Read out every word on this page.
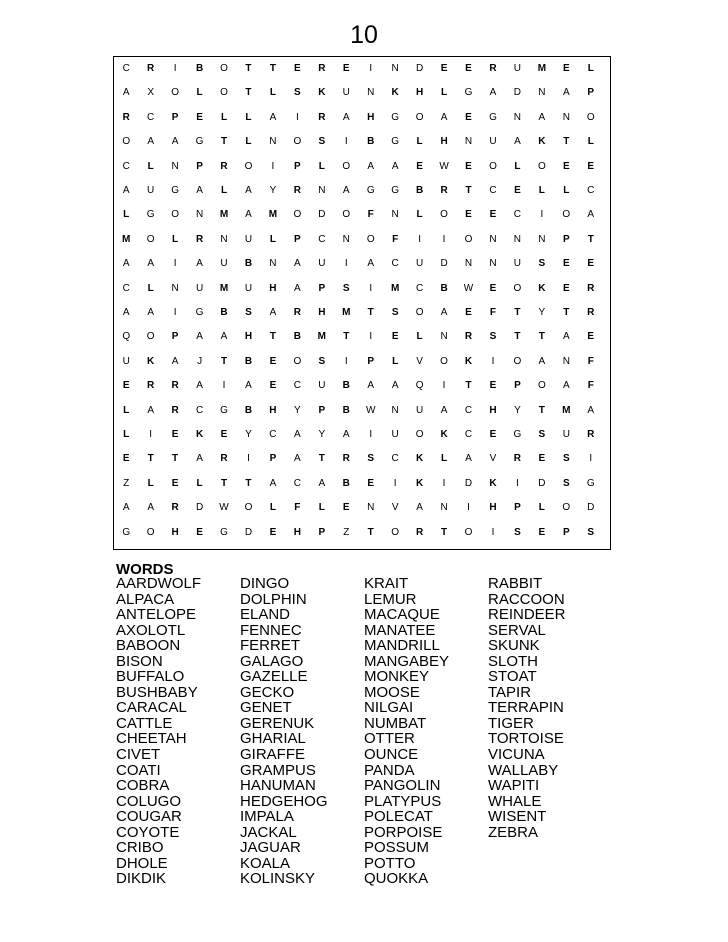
10
C	R	I	B	O	T	T	E	R	E	I	N	D	E	E	R	U	M	E	L
A	X	O	L	O	T	L	S	K	U	N	K	H	L	G	A	D	N	A	P
R	C	P	E	L	L	A	I	R	A	H	G	O	A	E	G	N	A	N	O
O	A	A	G	T	L	N	O	S	I	B	G	L	H	N	U	A	K	T	L
C	L	N	P	R	O	I	P	L	O	A	A	E	W	E	O	L	O	E	E
A	U	G	A	L	A	Y	R	N	A	G	G	B	R	T	C	E	L	L	C
L	G	O	N	M	A	M	O	D	O	F	N	L	O	E	E	C	I	O	A
M	O	L	R	N	U	L	P	C	N	O	F	I	I	O	N	N	N	P	T
A	A	I	A	U	B	N	A	U	I	A	C	U	D	N	N	U	S	E	E
C	L	N	U	M	U	H	A	P	S	I	M	C	B	W	E	O	K	E	R
A	A	I	G	B	S	A	R	H	M	T	S	O	A	E	F	T	Y	T	R
Q	O	P	A	A	H	T	B	M	T	I	E	L	N	R	S	T	T	A	E
U	K	A	J	T	B	E	O	S	I	P	L	V	O	K	I	O	A	N	F
E	R	R	A	I	A	E	C	U	B	A	A	Q	I	T	E	P	O	A	F
L	A	R	C	G	B	H	Y	P	B	W	N	U	A	C	H	Y	T	M	A
L	I	E	K	E	Y	C	A	Y	A	I	U	O	K	C	E	G	S	U	R
E	T	T	A	R	I	P	A	T	R	S	C	K	L	A	V	R	E	S	I
Z	L	E	L	T	T	A	C	A	B	E	I	K	I	D	K	I	D	S	G
A	A	R	D	W	O	L	F	L	E	N	V	A	N	I	H	P	L	O	D
G	O	H	E	G	D	E	H	P	Z	T	O	R	T	O	I	S	E	P	S
WORDS
AARDWOLF
ALPACA
ANTELOPE
AXOLOTL
BABOON
BISON
BUFFALO
BUSHBABY
CARACAL
CATTLE
CHEETAH
CIVET
COATI
COBRA
COLUGO
COUGAR
COYOTE
CRIBO
DHOLE
DIKDIK
DINGO
DOLPHIN
ELAND
FENNEC
FERRET
GALAGO
GAZELLE
GECKO
GENET
GERENUK
GHARIAL
GIRAFFE
GRAMPUS
HANUMAN
HEDGEHOG
IMPALA
JACKAL
JAGUAR
KOALA
KOLINSKY
KRAIT
LEMUR
MACAQUE
MANATEE
MANDRILL
MANGABEY
MONKEY
MOOSE
NILGAI
NUMBAT
OTTER
OUNCE
PANDA
PANGOLIN
PLATYPUS
POLECAT
PORPOISE
POSSUM
POTTO
QUOKKA
RABBIT
RACCOON
REINDEER
SERVAL
SKUNK
SLOTH
STOAT
TAPIR
TERRAPIN
TIGER
TORTOISE
VICUNA
WALLABY
WAPITI
WHALE
WISENT
ZEBRA
